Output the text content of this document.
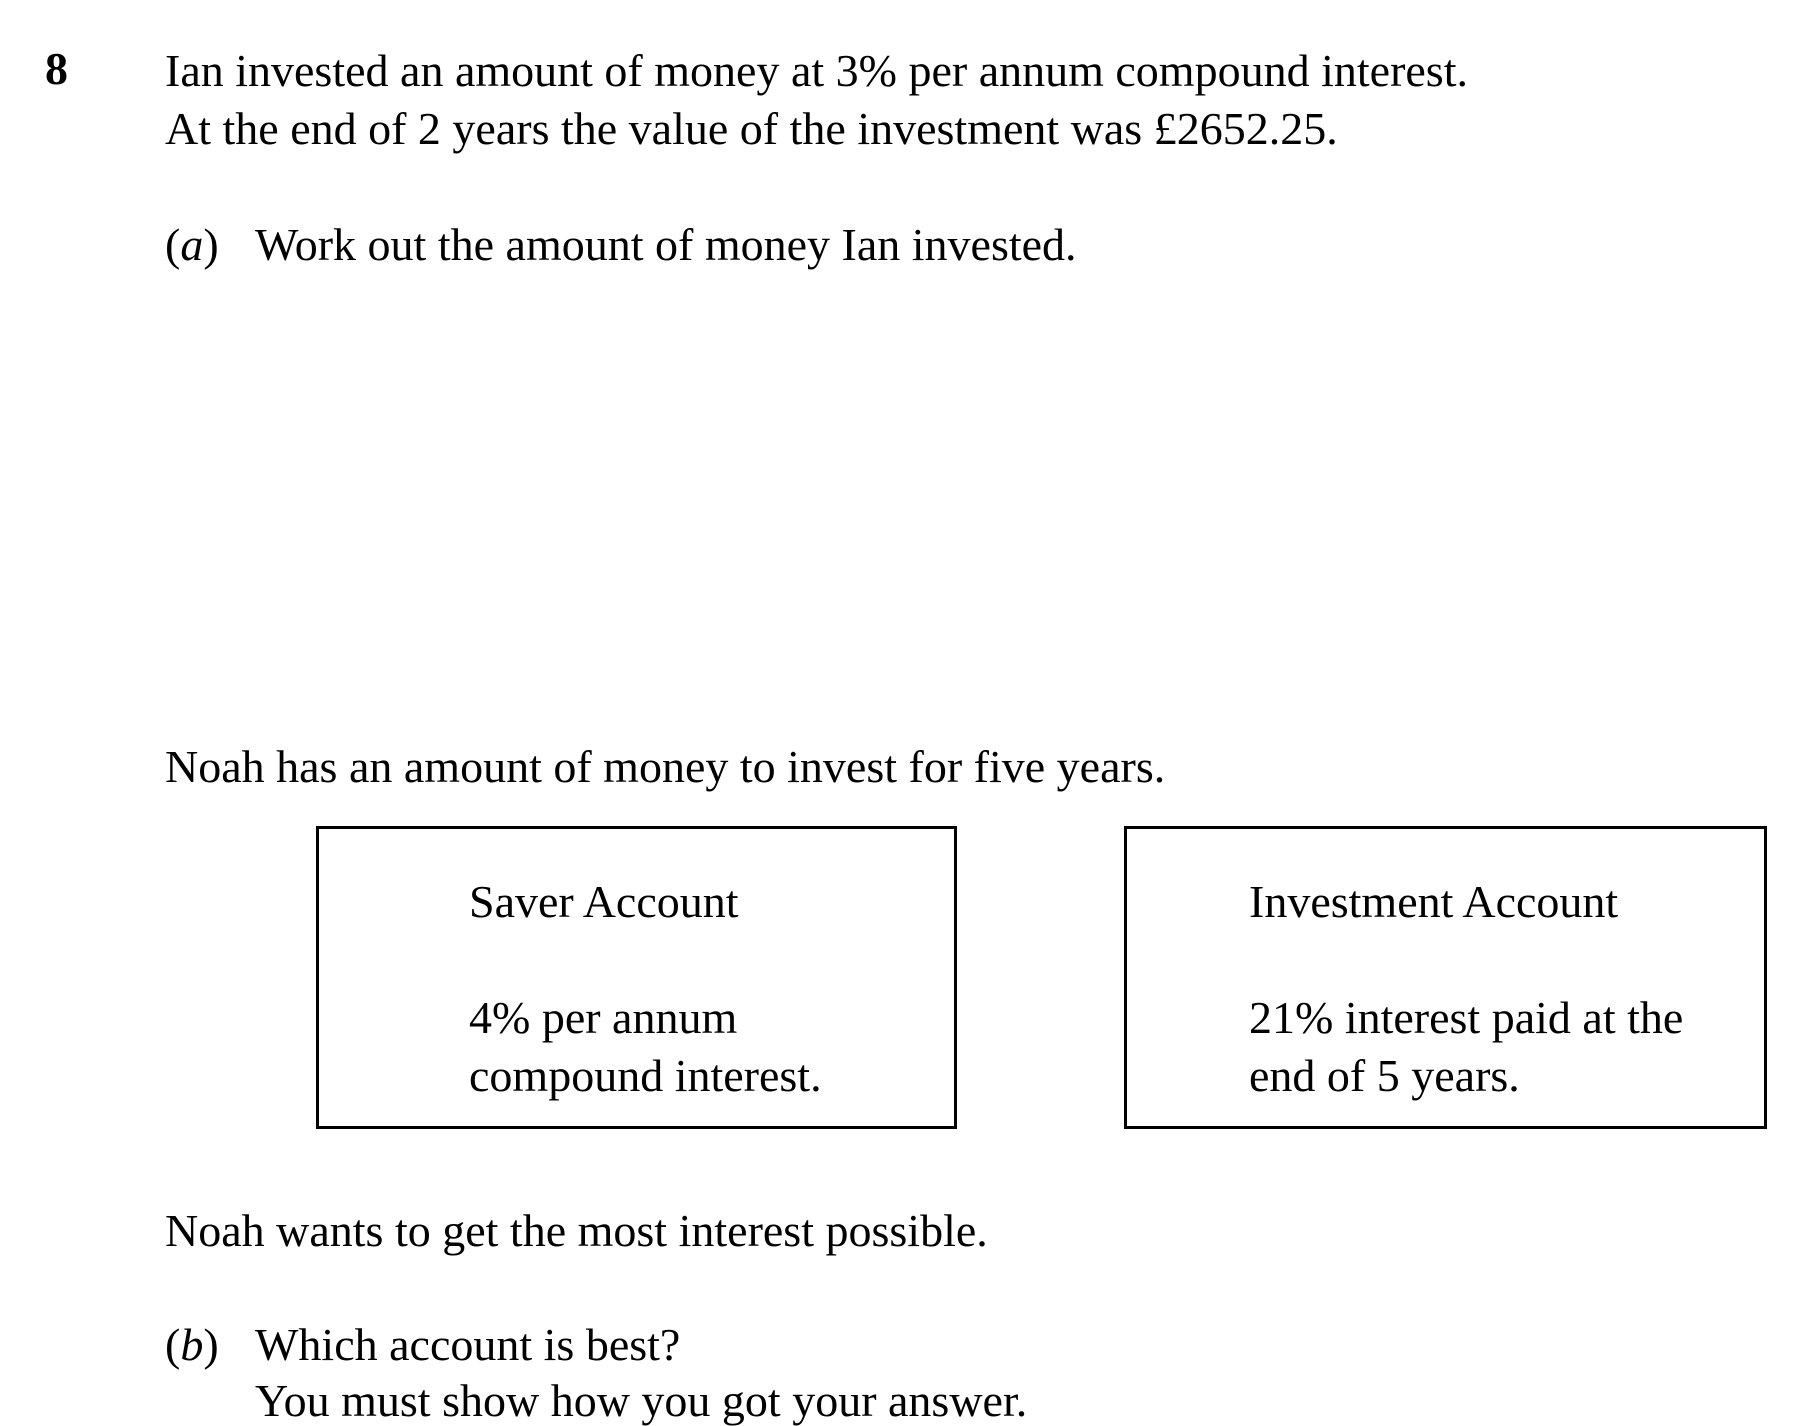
8 Ian invested an amount of money at 3% per annum compound interest.
At the end of 2 years the value of the investment was £2652.25.
(a) Work out the amount of money Ian invested.
Noah has an amount of money to invest for five years.
Saver Account
4% per annum
compound interest.
Investment Account
21% interest paid at the
end of 5 years.
Noah wants to get the most interest possible.
(b) Which account is best?
You must show how you got your answer.
